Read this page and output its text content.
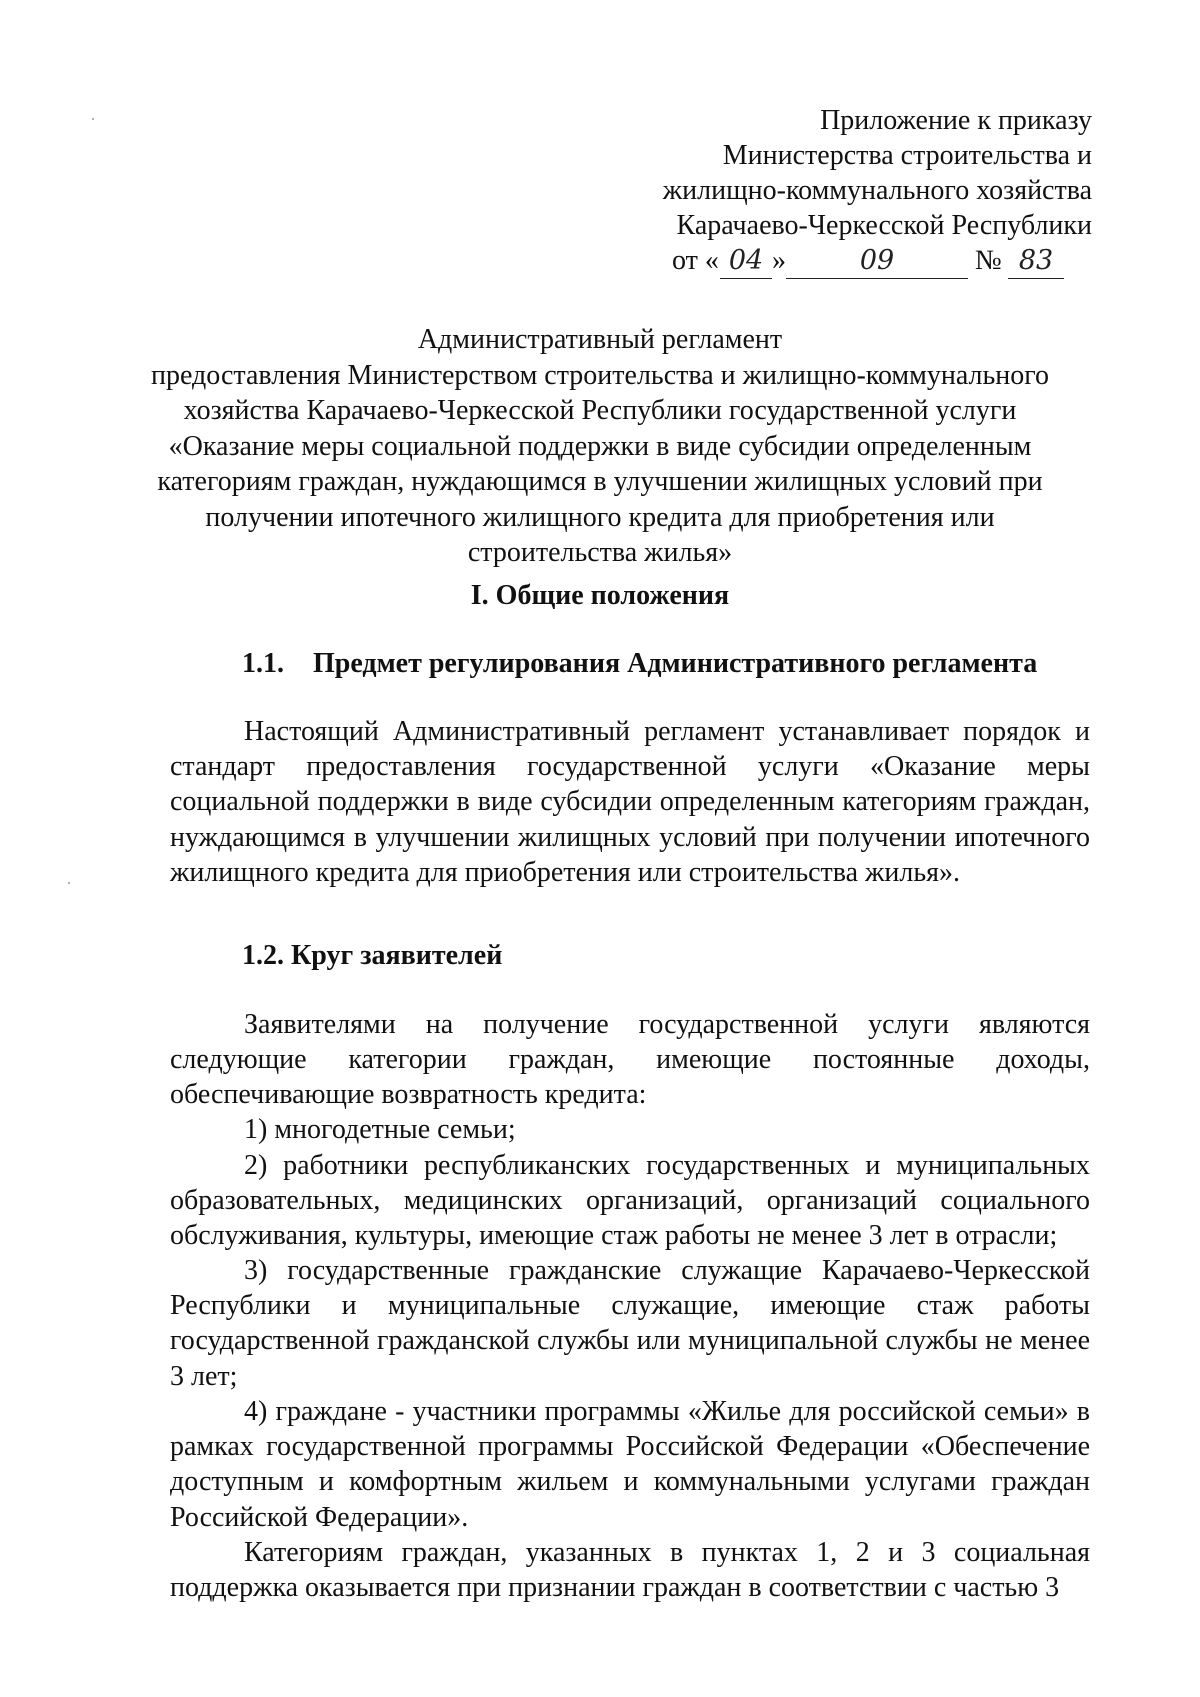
Приложение к приказу
Министерства строительства и
жилищно-коммунального хозяйства
Карачаево-Черкесской Республики
от « 04 »	09	№ 83
Административный регламент
предоставления Министерством строительства и жилищно-коммунального
хозяйства Карачаево-Черкесской Республики государственной услуги
«Оказание меры социальной поддержки в виде субсидии определенным
категориям граждан, нуждающимся в улучшении жилищных условий при
получении ипотечного жилищного кредита для приобретения или
строительства жилья»
I. Общие положения
1.1. Предмет регулирования Административного регламента

Настоящий Административный регламент устанавливает порядок и стандарт предоставления государственной услуги «Оказание меры социальной поддержки в виде субсидии определенным категориям граждан, нуждающимся в улучшении жилищных условий при получении ипотечного жилищного кредита для приобретения или строительства жилья».

1.2. Круг заявителей

Заявителями на получение государственной услуги являются следующие категории граждан, имеющие постоянные доходы, обеспечивающие возвратность кредита:

1) многодетные семьи;

2) работники республиканских государственных и муниципальных образовательных, медицинских организаций, организаций социального обслуживания, культуры, имеющие стаж работы не менее 3 лет в отрасли;

3) государственные гражданские служащие Карачаево-Черкесской Республики и муниципальные служащие, имеющие стаж работы государственной гражданской службы или муниципальной службы не менее 3 лет;

4) граждане - участники программы «Жилье для российской семьи» в рамках государственной программы Российской Федерации «Обеспечение доступным и комфортным жильем и коммунальными услугами граждан Российской Федерации».

Категориям граждан, указанных в пунктах 1, 2 и 3 социальная поддержка оказывается при признании граждан в соответствии с частью 3
